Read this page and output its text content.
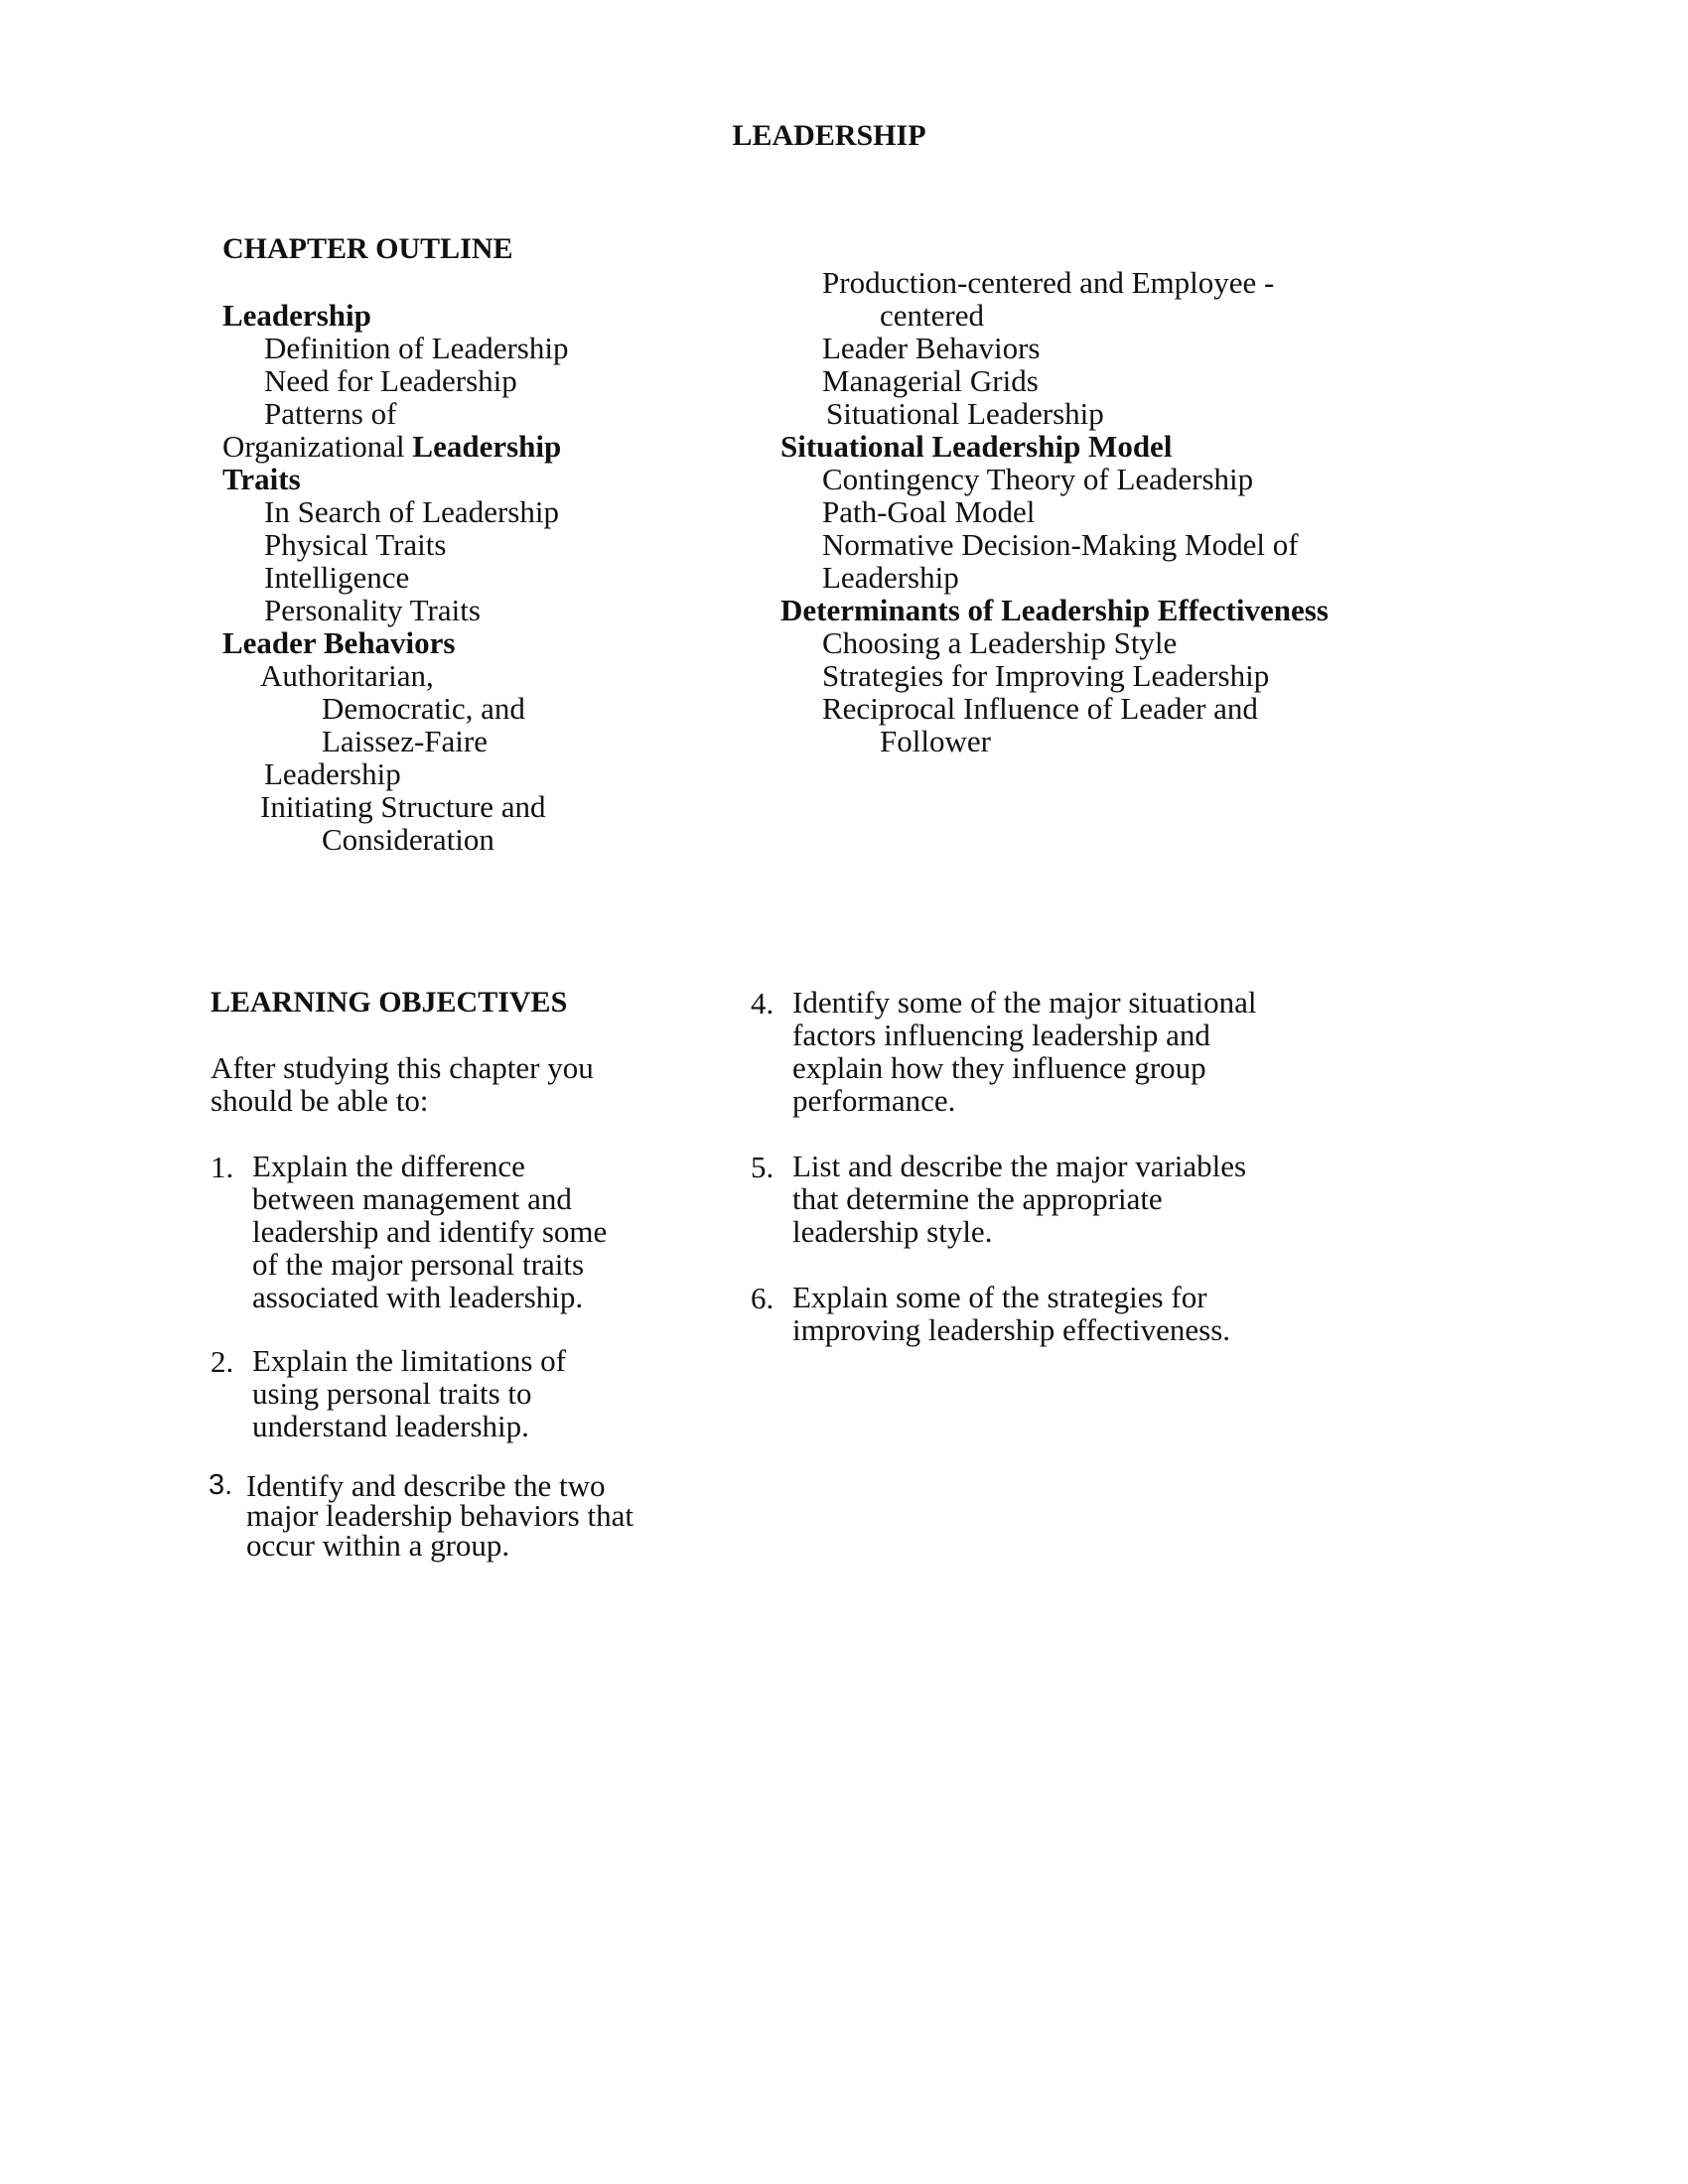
LEADERSHIP
CHAPTER OUTLINE
Leadership
Definition of Leadership
Need for Leadership
Patterns of
Organizational Leadership
Traits
In Search of Leadership
Physical Traits
Intelligence
Personality Traits
Leader Behaviors
Authoritarian,
Democratic, and
Laissez-Faire
Leadership
Initiating Structure and
Consideration
Production-centered and Employee -
centered
Leader Behaviors
Managerial Grids
Situational Leadership
Situational Leadership Model
Contingency Theory of Leadership
Path-Goal Model
Normative Decision-Making Model of
Leadership
Determinants of Leadership Effectiveness
Choosing a Leadership Style
Strategies for Improving Leadership
Reciprocal Influence of Leader and
Follower
LEARNING OBJECTIVES
After studying this chapter you
should be able to:
1. Explain the difference
between management and
leadership and identify some
of the major personal traits
associated with leadership.
2. Explain the limitations of
using personal traits to
understand leadership.
3. Identify and describe the two
major leadership behaviors that
occur within a group.
4. Identify some of the major situational
factors influencing leadership and
explain how they influence group
performance.
5. List and describe the major variables
that determine the appropriate
leadership style.
6. Explain some of the strategies for
improving leadership effectiveness.
